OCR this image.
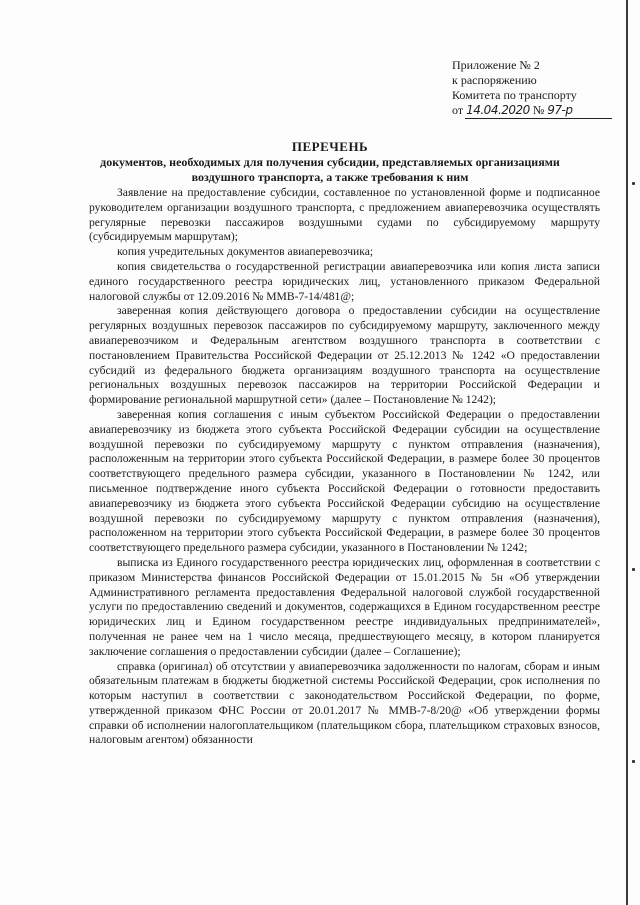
Приложение № 2
к распоряжению
Комитета по транспорту
от 14.04.2020 № 97-р
ПЕРЕЧЕНЬ
документов, необходимых для получения субсидии, представляемых организациями
воздушного транспорта, а также требования к ним

Заявление на предоставление субсидии, составленное по установленной форме и подписанное руководителем организации воздушного транспорта, с предложением авиаперевозчика осуществлять регулярные перевозки пассажиров воздушными судами по субсидируемому маршруту (субсидируемым маршрутам);

копия учредительных документов авиаперевозчика;

копия свидетельства о государственной регистрации авиаперевозчика или копия листа записи единого государственного реестра юридических лиц, установленного приказом Федеральной налоговой службы от 12.09.2016 № ММВ-7-14/481@;

заверенная копия действующего договора о предоставлении субсидии на осуществление регулярных воздушных перевозок пассажиров по субсидируемому маршруту, заключенного между авиаперевозчиком и Федеральным агентством воздушного транспорта в соответствии с постановлением Правительства Российской Федерации от 25.12.2013 № 1242 «О предоставлении субсидий из федерального бюджета организациям воздушного транспорта на осуществление региональных воздушных перевозок пассажиров на территории Российской Федерации и формирование региональной маршрутной сети» (далее – Постановление № 1242);

заверенная копия соглашения с иным субъектом Российской Федерации о предоставлении авиаперевозчику из бюджета этого субъекта Российской Федерации субсидии на осуществление воздушной перевозки по субсидируемому маршруту с пунктом отправления (назначения), расположенным на территории этого субъекта Российской Федерации, в размере более 30 процентов соответствующего предельного размера субсидии, указанного в Постановлении № 1242, или письменное подтверждение иного субъекта Российской Федерации о готовности предоставить авиаперевозчику из бюджета этого субъекта Российской Федерации субсидию на осуществление воздушной перевозки по субсидируемому маршруту с пунктом отправления (назначения), расположенном на территории этого субъекта Российской Федерации, в размере более 30 процентов соответствующего предельного размера субсидии, указанного в Постановлении № 1242;

выписка из Единого государственного реестра юридических лиц, оформленная в соответствии с приказом Министерства финансов Российской Федерации от 15.01.2015 № 5н «Об утверждении Административного регламента предоставления Федеральной налоговой службой государственной услуги по предоставлению сведений и документов, содержащихся в Едином государственном реестре юридических лиц и Едином государственном реестре индивидуальных предпринимателей», полученная не ранее чем на 1 число месяца, предшествующего месяцу, в котором планируется заключение соглашения о предоставлении субсидии (далее – Соглашение);

справка (оригинал) об отсутствии у авиаперевозчика задолженности по налогам, сборам и иным обязательным платежам в бюджеты бюджетной системы Российской Федерации, срок исполнения по которым наступил в соответствии с законодательством Российской Федерации, по форме, утвержденной приказом ФНС России от 20.01.2017 № ММВ-7-8/20@ «Об утверждении формы справки об исполнении налогоплательщиком (плательщиком сбора, плательщиком страховых взносов, налоговым агентом) обязанности
